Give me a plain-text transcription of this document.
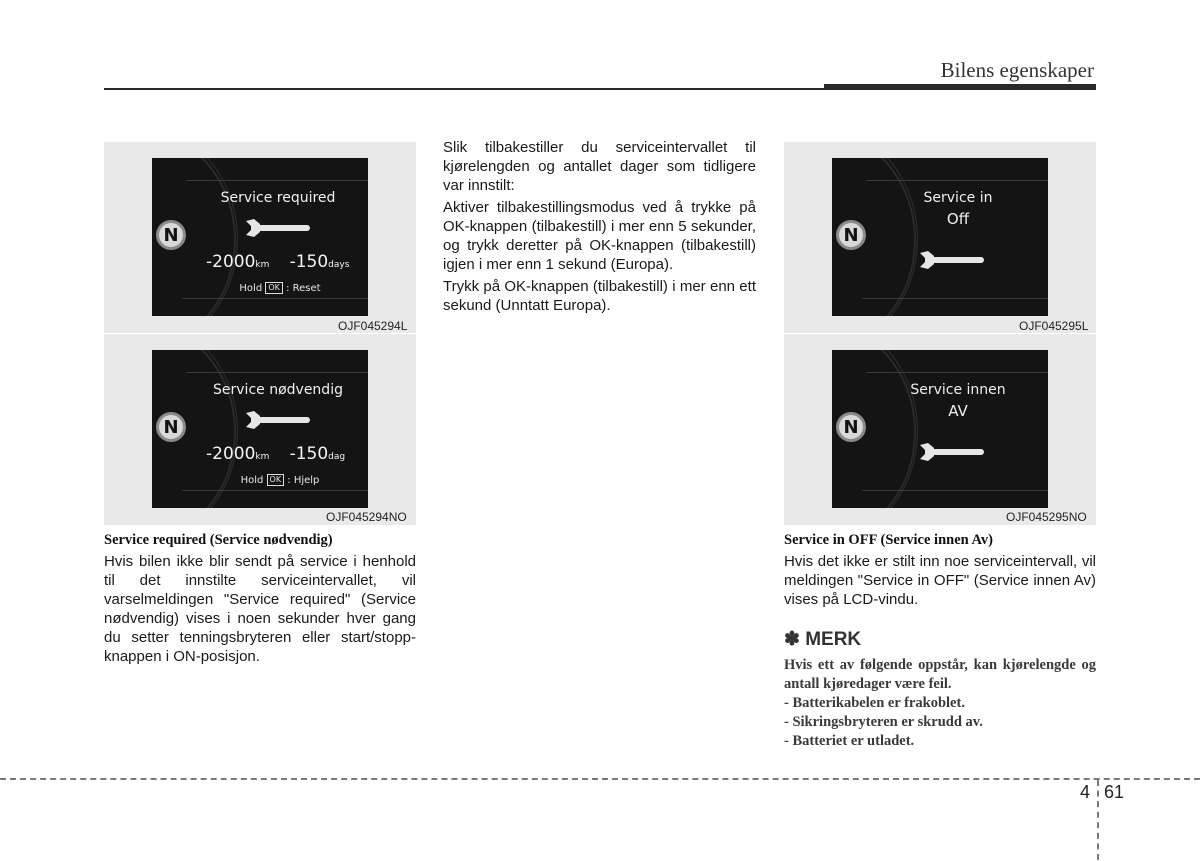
Bilens egenskaper
N
Service required
-2000km -150days
Hold OK : Reset
OJF045294L
N
Service nødvendig
-2000km -150dag
Hold OK : Hjelp
OJF045294NO
N
Service in
Off
OJF045295L
N
Service innen
AV
OJF045295NO

Slik tilbakestiller du serviceintervallet til kjørelengden og antallet dager som tidligere var innstilt:

Aktiver tilbakestillingsmodus ved å trykke på OK-knappen (tilbakestill) i mer enn 5 sekunder, og trykk deretter på OK-knappen (tilbakestill) igjen i mer enn 1 sekund (Europa).

Trykk på OK-knappen (tilbakestill) i mer enn ett sekund (Unntatt Europa).

Service required (Service nødvendig)
Hvis bilen ikke blir sendt på service i henhold til det innstilte serviceintervallet, vil varselmeldingen "Service required" (Service nødvendig) vises i noen sekunder hver gang du setter tenningsbryteren eller start/stopp-knappen i ON-posisjon.
Service in OFF (Service innen Av)
Hvis det ikke er stilt inn noe serviceintervall, vil meldingen "Service in OFF" (Service innen Av) vises på LCD-vindu.
✽ MERK
Hvis ett av følgende oppstår, kan kjørelengde og antall kjøredager være feil.
- Batterikabelen er frakoblet.
- Sikringsbryteren er skrudd av.
- Batteriet er utladet.
4 61
